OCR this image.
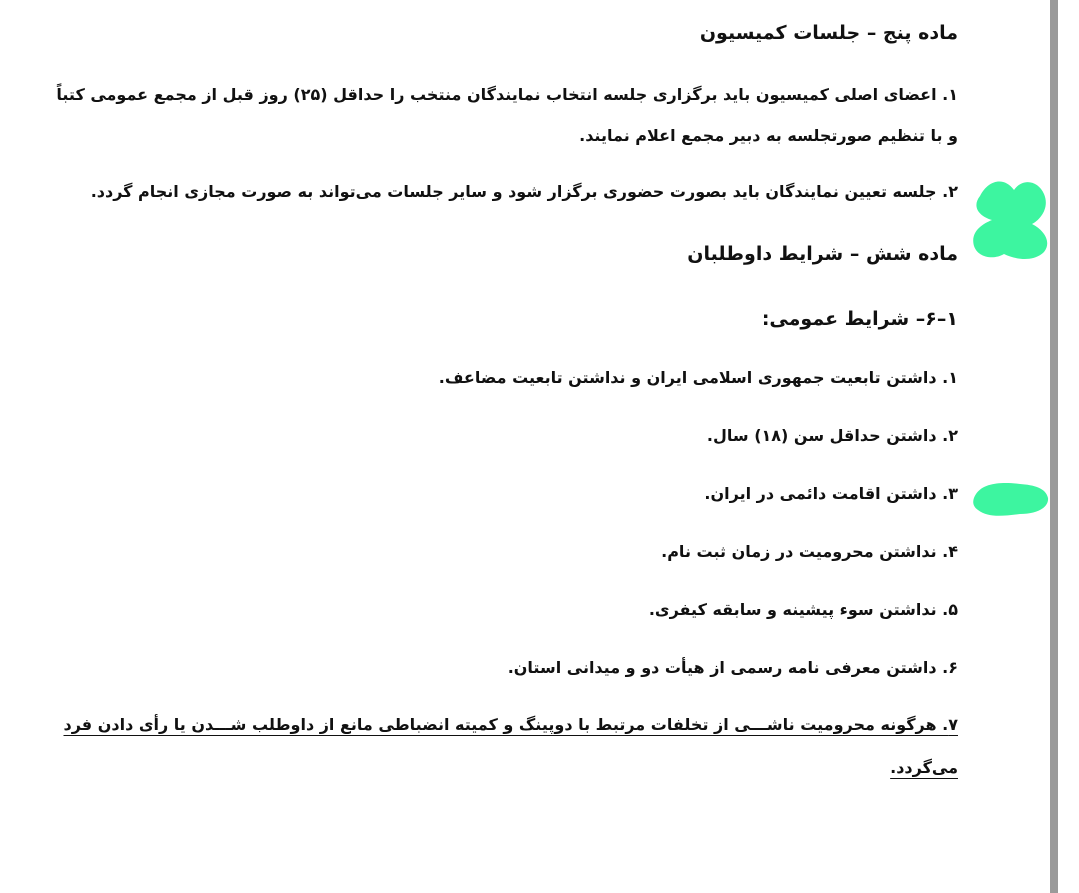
ماده پنج – جلسات کمیسیون
۱. اعضای اصلی کمیسیون باید برگزاری جلسه انتخاب نمایندگان منتخب را حداقل (۲۵) روز قبل از مجمع عمومی کتباً
و با تنظیم صورتجلسه به دبیر مجمع اعلام نمایند.
۲. جلسه تعیین نمایندگان باید بصورت حضوری برگزار شود و سایر جلسات می‌تواند به صورت مجازی انجام گردد.
ماده شش – شرایط داوطلبان
۱–۶– شرایط عمومی:
۱. داشتن تابعیت جمهوری اسلامی ایران و نداشتن تابعیت مضاعف.
۲. داشتن حداقل سن (۱۸) سال.
۳. داشتن اقامت دائمی در ایران.
۴. نداشتن محرومیت در زمان ثبت نام.
۵. نداشتن سوء پیشینه و سابقه کیفری.
۶. داشتن معرفی نامه رسمی از هیأت دو و میدانی استان.
۷. هرگونه محرومیت ناشـــی از تخلفات مرتبط با دوپینگ و کمیته انضباطی مانع از داوطلب شـــدن یا رأی دادن فرد
می‌گردد.
